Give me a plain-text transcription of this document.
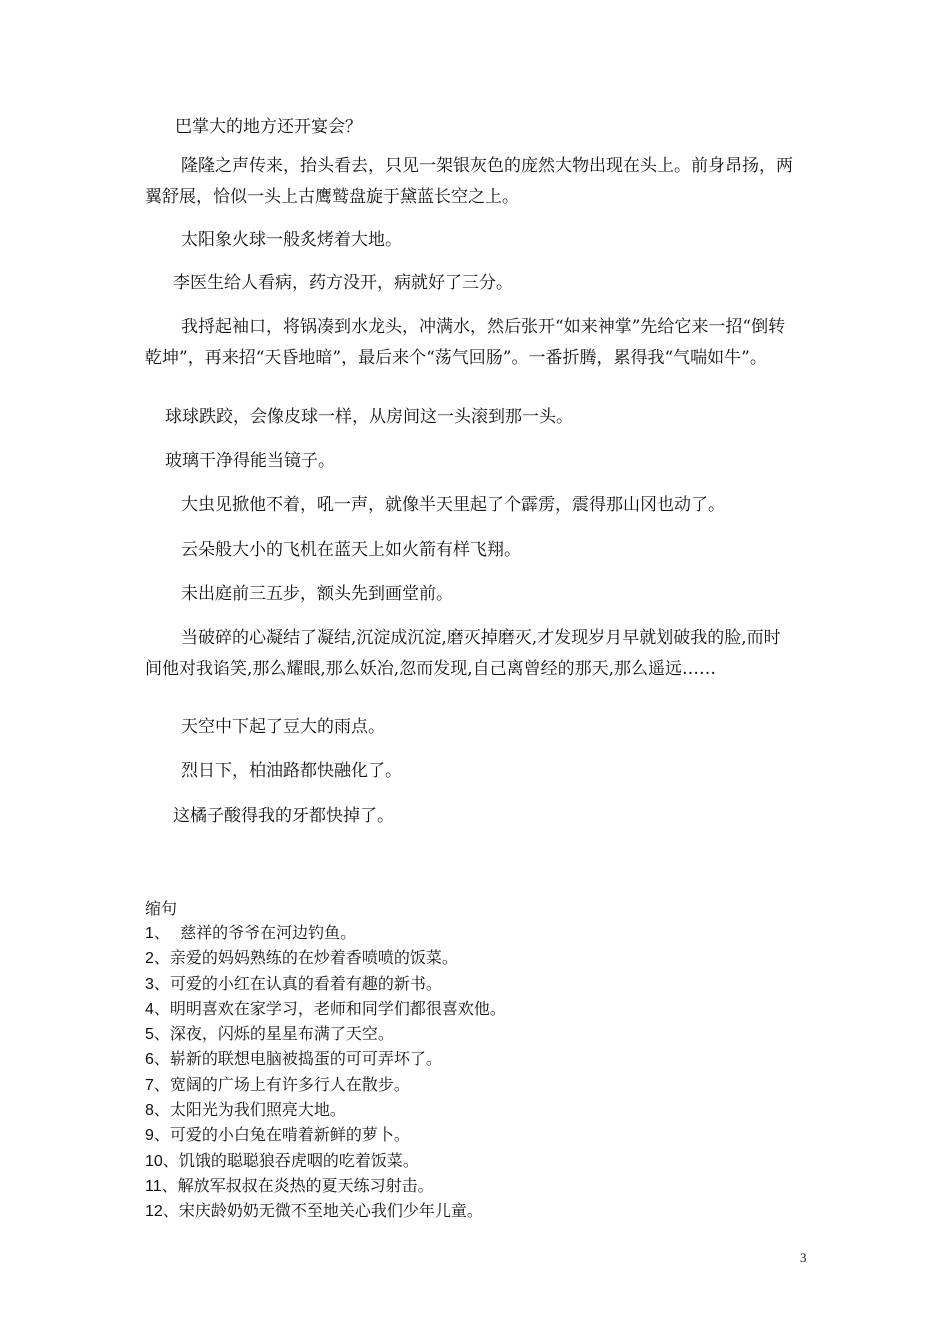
巴掌大的地方还开宴会？

隆隆之声传来，抬头看去，只见一架银灰色的庞然大物出现在头上。前身昂扬，两翼舒展，恰似一头上古鹰鹫盘旋于黛蓝长空之上。

太阳象火球一般炙烤着大地。

李医生给人看病，药方没开，病就好了三分。

我捋起袖口，将锅凑到水龙头，冲满水，然后张开“如来神掌”先给它来一招“倒转乾坤”，再来招“天昏地暗”，最后来个“荡气回肠”。一番折腾，累得我“气喘如牛”。

球球跌跤，会像皮球一样，从房间这一头滚到那一头。

玻璃干净得能当镜子。

大虫见掀他不着，吼一声，就像半天里起了个霹雳，震得那山冈也动了。

云朵般大小的飞机在蓝天上如火箭有样飞翔。

未出庭前三五步，额头先到画堂前。

当破碎的心凝结了凝结,沉淀成沉淀,磨灭掉磨灭,才发现岁月早就划破我的脸,而时间他对我谄笑,那么耀眼,那么妖冶,忽而发现,自己离曾经的那天,那么遥远……

天空中下起了豆大的雨点。

烈日下，柏油路都快融化了。

这橘子酸得我的牙都快掉了。

缩句

1、  慈祥的爷爷在河边钓鱼。
2、亲爱的妈妈熟练的在炒着香喷喷的饭菜。
3、可爱的小红在认真的看着有趣的新书。
4、明明喜欢在家学习，老师和同学们都很喜欢他。
5、深夜，闪烁的星星布满了天空。
6、崭新的联想电脑被捣蛋的可可弄坏了。
7、宽阔的广场上有许多行人在散步。
8、太阳光为我们照亮大地。
9、可爱的小白兔在啃着新鲜的萝卜。
10、饥饿的聪聪狼吞虎咽的吃着饭菜。
11、解放军叔叔在炎热的夏天练习射击。
12、宋庆龄奶奶无微不至地关心我们少年儿童。
3
